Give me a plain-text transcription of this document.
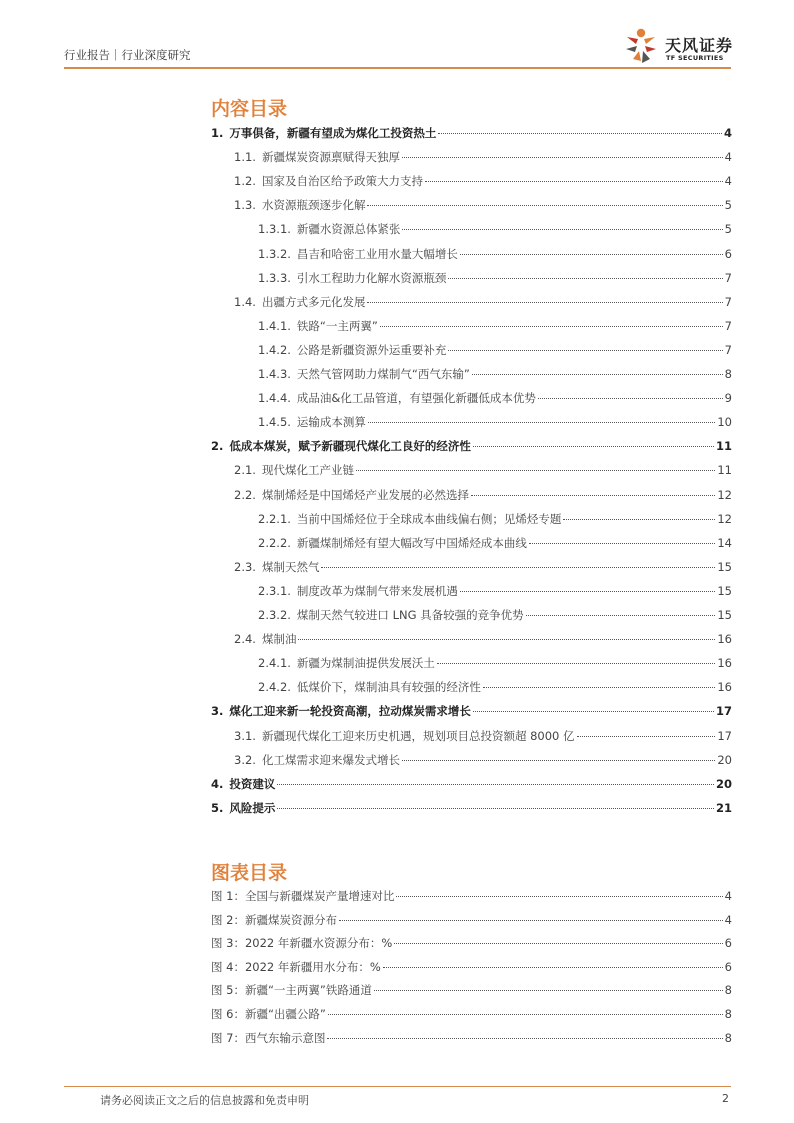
行业报告｜行业深度研究	天风证券
TF SECURITIES
内容目录
1. 万事俱备，新疆有望成为煤化工投资热土	4
1.1. 新疆煤炭资源禀赋得天独厚	4
1.2. 国家及自治区给予政策大力支持	4
1.3. 水资源瓶颈逐步化解	5
1.3.1. 新疆水资源总体紧张	5
1.3.2. 昌吉和哈密工业用水量大幅增长	6
1.3.3. 引水工程助力化解水资源瓶颈	7
1.4. 出疆方式多元化发展	7
1.4.1. 铁路“一主两翼”	7
1.4.2. 公路是新疆资源外运重要补充	7
1.4.3. 天然气管网助力煤制气“西气东输”	8
1.4.4. 成品油&化工品管道，有望强化新疆低成本优势	9
1.4.5. 运输成本测算	10
2. 低成本煤炭，赋予新疆现代煤化工良好的经济性	11
2.1. 现代煤化工产业链	11
2.2. 煤制烯烃是中国烯烃产业发展的必然选择	12
2.2.1. 当前中国烯烃位于全球成本曲线偏右侧；见烯烃专题	12
2.2.2. 新疆煤制烯烃有望大幅改写中国烯烃成本曲线	14
2.3. 煤制天然气	15
2.3.1. 制度改革为煤制气带来发展机遇	15
2.3.2. 煤制天然气较进口 LNG 具备较强的竞争优势	15
2.4. 煤制油	16
2.4.1. 新疆为煤制油提供发展沃土	16
2.4.2. 低煤价下，煤制油具有较强的经济性	16
3. 煤化工迎来新一轮投资高潮，拉动煤炭需求增长	17
3.1. 新疆现代煤化工迎来历史机遇，规划项目总投资额超 8000 亿	17
3.2. 化工煤需求迎来爆发式增长	20
4. 投资建议	20
5. 风险提示	21
图表目录
图 1：全国与新疆煤炭产量增速对比	4
图 2：新疆煤炭资源分布	4
图 3：2022 年新疆水资源分布：%	6
图 4：2022 年新疆用水分布：%	6
图 5：新疆“一主两翼”铁路通道	8
图 6：新疆“出疆公路”	8
图 7：西气东输示意图	8
请务必阅读正文之后的信息披露和免责申明	2
